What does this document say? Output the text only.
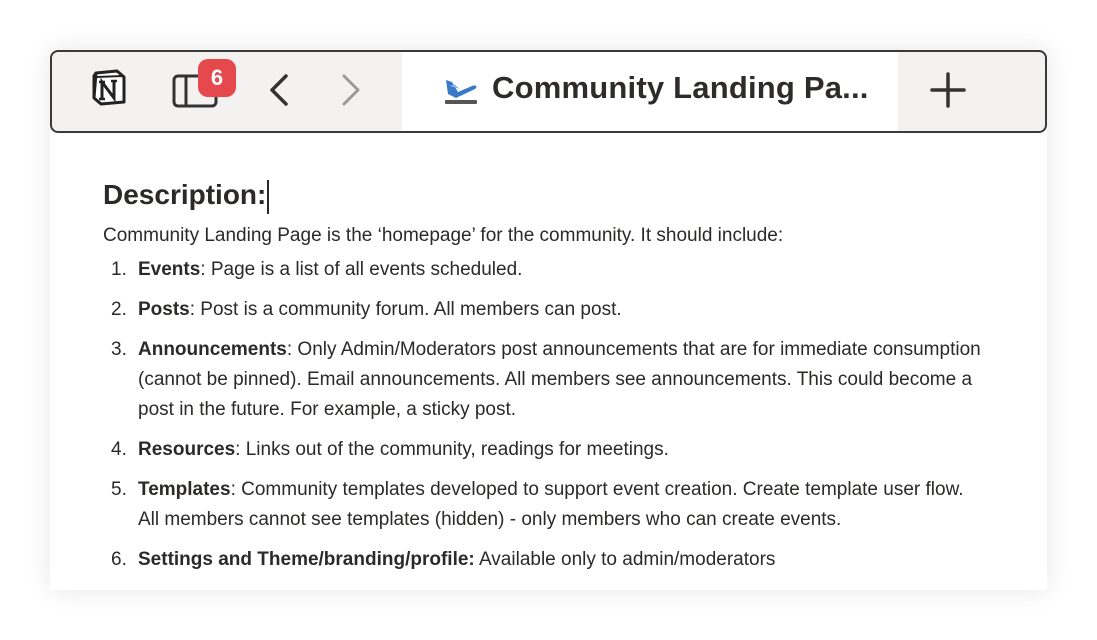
6	Community Landing Pa...
Description:
Community Landing Page is the ‘homepage’ for the community. It should include:
1. Events: Page is a list of all events scheduled.
2. Posts: Post is a community forum. All members can post.
3. Announcements: Only Admin/Moderators post announcements that are for immediate consumption (cannot be pinned). Email announcements. All members see announcements. This could become a post in the future. For example, a sticky post.
4. Resources: Links out of the community, readings for meetings.
5. Templates: Community templates developed to support event creation. Create template user flow. All members cannot see templates (hidden) - only members who can create events.
6. Settings and Theme/branding/profile: Available only to admin/moderators
